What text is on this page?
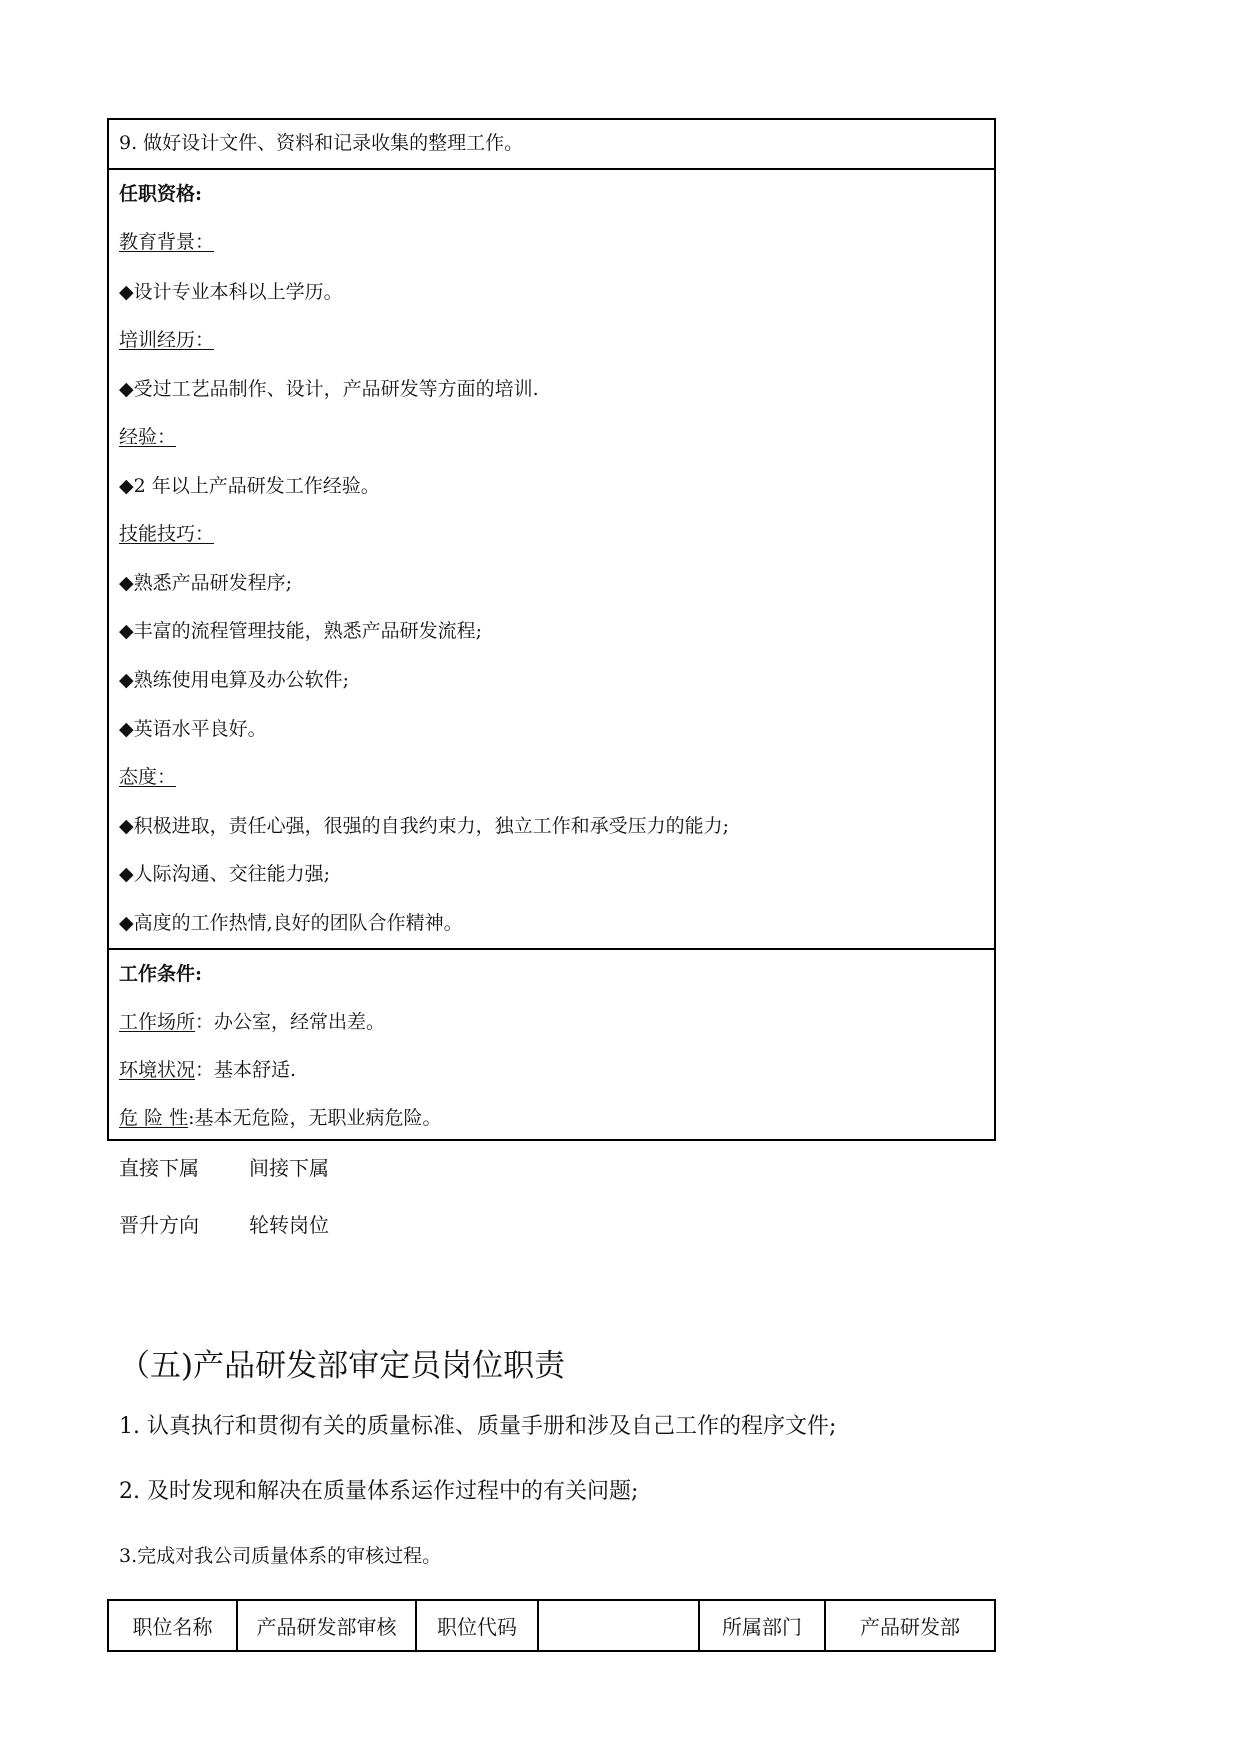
9. 做好设计文件、资料和记录收集的整理工作。
任职资格:
教育背景：
◆设计专业本科以上学历。
培训经历：
◆受过工艺品制作、设计，产品研发等方面的培训.
经验：
◆2 年以上产品研发工作经验。
技能技巧：
◆熟悉产品研发程序;
◆丰富的流程管理技能，熟悉产品研发流程;
◆熟练使用电算及办公软件;
◆英语水平良好。
态度：
◆积极进取，责任心强，很强的自我约束力，独立工作和承受压力的能力;
◆人际沟通、交往能力强;
◆高度的工作热情,良好的团队合作精神。
工作条件:
工作场所：办公室，经常出差。
环境状况：基本舒适.
危 险 性:基本无危险，无职业病危险。
直接下属	间接下属
晋升方向	轮转岗位
（五)产品研发部审定员岗位职责
1. 认真执行和贯彻有关的质量标准、质量手册和涉及自己工作的程序文件;
2. 及时发现和解决在质量体系运作过程中的有关问题;
3.完成对我公司质量体系的审核过程。
职位名称	产品研发部审核	职位代码		所属部门	产品研发部
